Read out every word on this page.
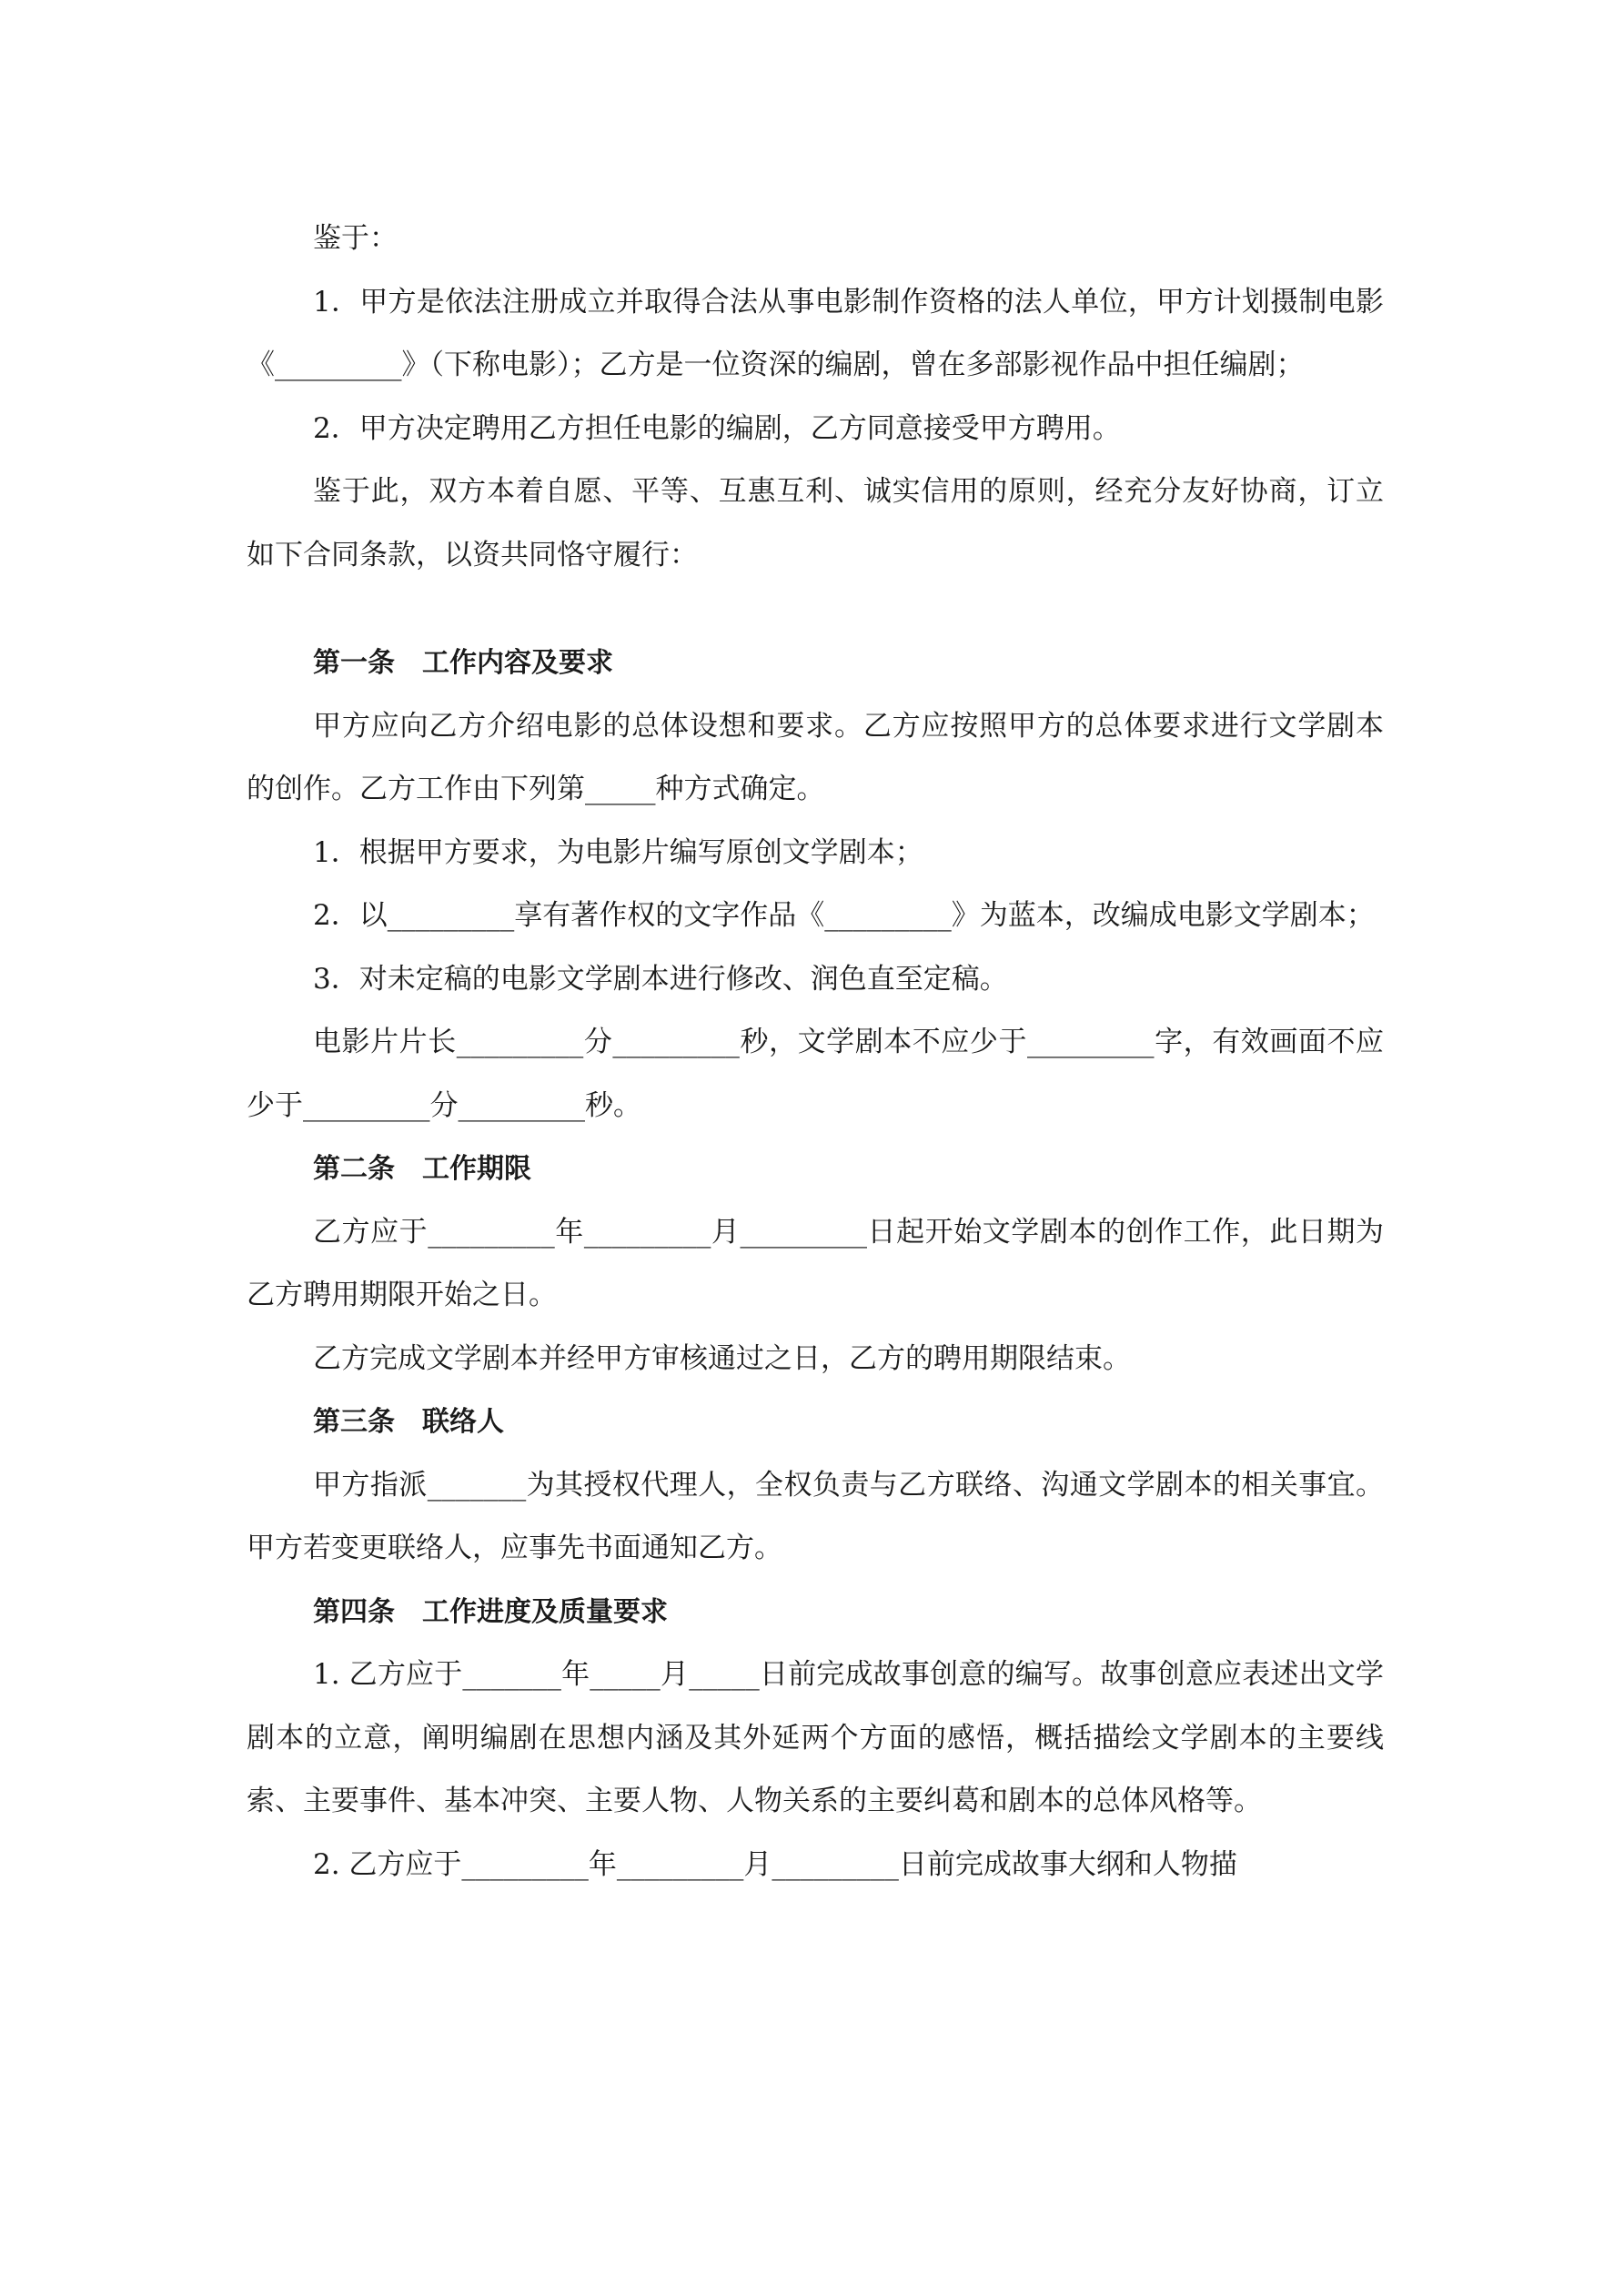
鉴于：

1．甲方是依法注册成立并取得合法从事电影制作资格的法人单位，甲方计划摄制电影《_________》（下称电影）；乙方是一位资深的编剧，曾在多部影视作品中担任编剧；

2．甲方决定聘用乙方担任电影的编剧，乙方同意接受甲方聘用。

鉴于此，双方本着自愿、平等、互惠互利、诚实信用的原则，经充分友好协商，订立如下合同条款，以资共同恪守履行：

第一条　工作内容及要求

甲方应向乙方介绍电影的总体设想和要求。乙方应按照甲方的总体要求进行文学剧本的创作。乙方工作由下列第_____种方式确定。

1．根据甲方要求，为电影片编写原创文学剧本；

2．以_________享有著作权的文字作品《_________》为蓝本，改编成电影文学剧本；

3．对未定稿的电影文学剧本进行修改、润色直至定稿。

电影片片长_________分_________秒，文学剧本不应少于_________字，有效画面不应少于_________分_________秒。

第二条　工作期限

乙方应于_________年_________月_________日起开始文学剧本的创作工作，此日期为乙方聘用期限开始之日。

乙方完成文学剧本并经甲方审核通过之日，乙方的聘用期限结束。

第三条　联络人

甲方指派_______为其授权代理人，全权负责与乙方联络、沟通文学剧本的相关事宜。甲方若变更联络人，应事先书面通知乙方。

第四条　工作进度及质量要求

1. 乙方应于_______年_____月_____日前完成故事创意的编写。故事创意应表述出文学剧本的立意，阐明编剧在思想内涵及其外延两个方面的感悟，概括描绘文学剧本的主要线索、主要事件、基本冲突、主要人物、人物关系的主要纠葛和剧本的总体风格等。

2. 乙方应于_________年_________月_________日前完成故事大纲和人物描
